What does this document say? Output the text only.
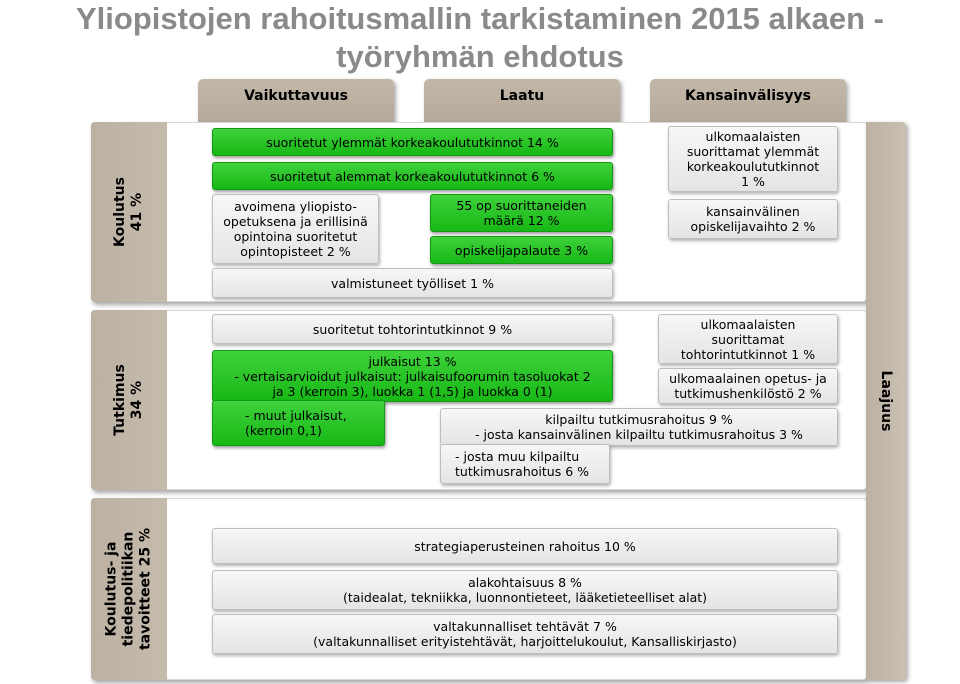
Yliopistojen rahoitusmallin tarkistaminen 2015 alkaen -
työryhmän ehdotus
Vaikuttavuus	Laatu	Kansainvälisyys
Koulutus 41 %
Tutkimus 34 %
Koulutus- ja tiedepolitiikan tavoitteet 25 %
Laajuus
suoritetut ylemmät korkeakoulututkinnot 14 %
suoritetut alemmat korkeakoulututkinnot 6 %
avoimena yliopisto-
opetuksena ja erillisinä
opintoina suoritetut
opintopisteet 2 %
55 op suorittaneiden
määrä 12 %
opiskelijapalaute 3 %
valmistuneet työlliset 1 %
ulkomaalaisten
suorittamat ylemmät
korkeakoulututkinnot
1 %
kansainvälinen
opiskelijavaihto 2 %
suoritetut tohtorintutkinnot 9 %
julkaisut 13 %
- vertaisarvioidut julkaisut: julkaisufoorumin tasoluokat 2
ja 3 (kerroin 3), luokka 1 (1,5) ja luokka 0 (1)
- muut julkaisut,
(kerroin 0,1)
ulkomaalaisten
suorittamat
tohtorintutkinnot 1 %
ulkomaalainen opetus- ja
tutkimushenkilöstö 2 %
kilpailtu tutkimusrahoitus 9 %
- josta kansainvälinen kilpailtu tutkimusrahoitus 3 %
- josta muu kilpailtu
tutkimusrahoitus 6 %
strategiaperusteinen rahoitus 10 %
alakohtaisuus 8 %
(taidealat, tekniikka, luonnontieteet, lääketieteelliset alat)
valtakunnalliset tehtävät 7 %
(valtakunnalliset erityistehtävät, harjoittelukoulut, Kansalliskirjasto)
